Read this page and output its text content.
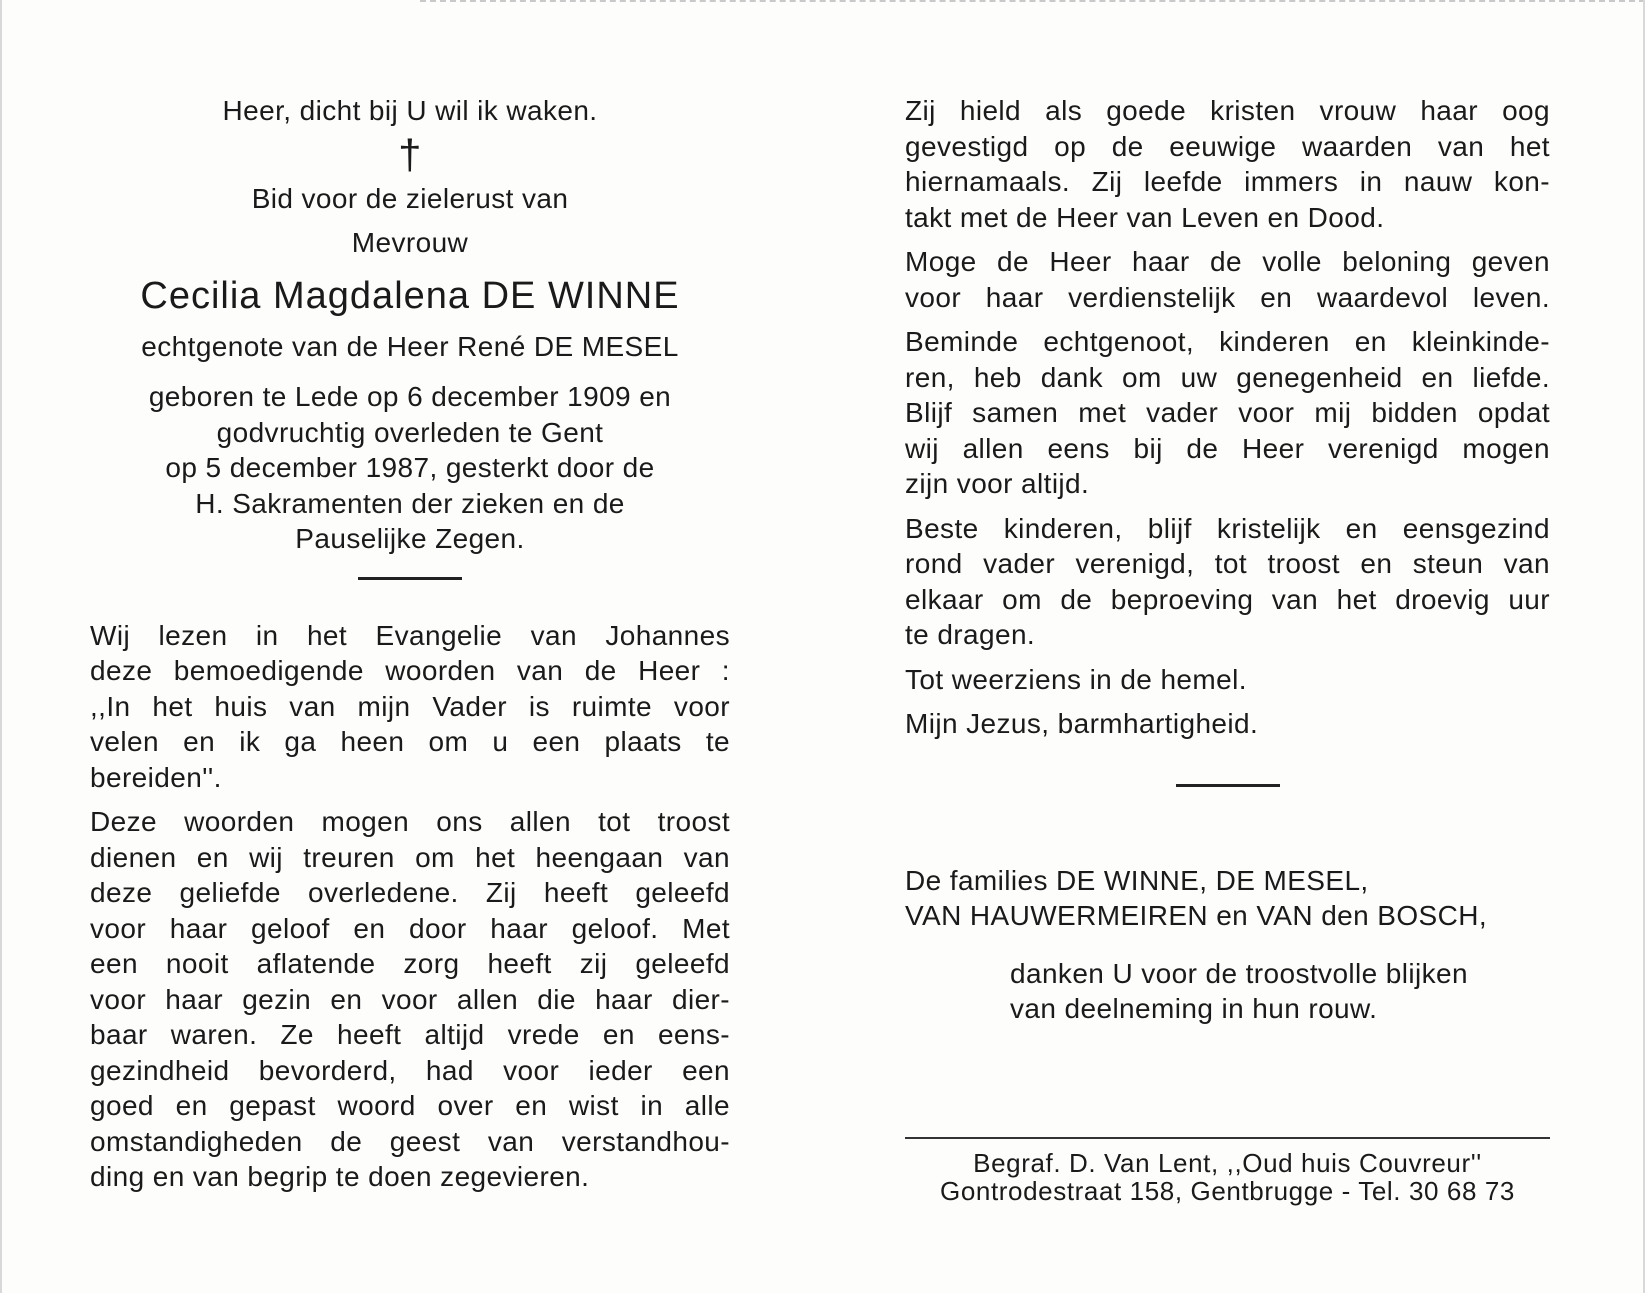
Heer, dicht bij U wil ik waken.
†
Bid voor de zielerust van
Mevrouw
Cecilia Magdalena DE WINNE
echtgenote van de Heer René DE MESEL
geboren te Lede op 6 december 1909 en
godvruchtig overleden te Gent
op 5 december 1987, gesterkt door de
H. Sakramenten der zieken en de
Pauselijke Zegen.
Wij lezen in het Evangelie van Johannes
deze bemoedigende woorden van de Heer :
,,In het huis van mijn Vader is ruimte voor
velen en ik ga heen om u een plaats te
bereiden''.
Deze woorden mogen ons allen tot troost
dienen en wij treuren om het heengaan van
deze geliefde overledene. Zij heeft geleefd
voor haar geloof en door haar geloof. Met
een nooit aflatende zorg heeft zij geleefd
voor haar gezin en voor allen die haar dier-
baar waren. Ze heeft altijd vrede en eens-
gezindheid bevorderd, had voor ieder een
goed en gepast woord over en wist in alle
omstandigheden de geest van verstandhou-
ding en van begrip te doen zegevieren.
Zij hield als goede kristen vrouw haar oog
gevestigd op de eeuwige waarden van het
hiernamaals. Zij leefde immers in nauw kon-
takt met de Heer van Leven en Dood.
Moge de Heer haar de volle beloning geven
voor haar verdienstelijk en waardevol leven.
Beminde echtgenoot, kinderen en kleinkinde-
ren, heb dank om uw genegenheid en liefde.
Blijf samen met vader voor mij bidden opdat
wij allen eens bij de Heer verenigd mogen
zijn voor altijd.
Beste kinderen, blijf kristelijk en eensgezind
rond vader verenigd, tot troost en steun van
elkaar om de beproeving van het droevig uur
te dragen.
Tot weerziens in de hemel.
Mijn Jezus, barmhartigheid.
De families DE WINNE, DE MESEL,
VAN HAUWERMEIREN en VAN den BOSCH,
danken U voor de troostvolle blijken
van deelneming in hun rouw.
Begraf. D. Van Lent, ,,Oud huis Couvreur''
Gontrodestraat 158, Gentbrugge - Tel. 30 68 73
